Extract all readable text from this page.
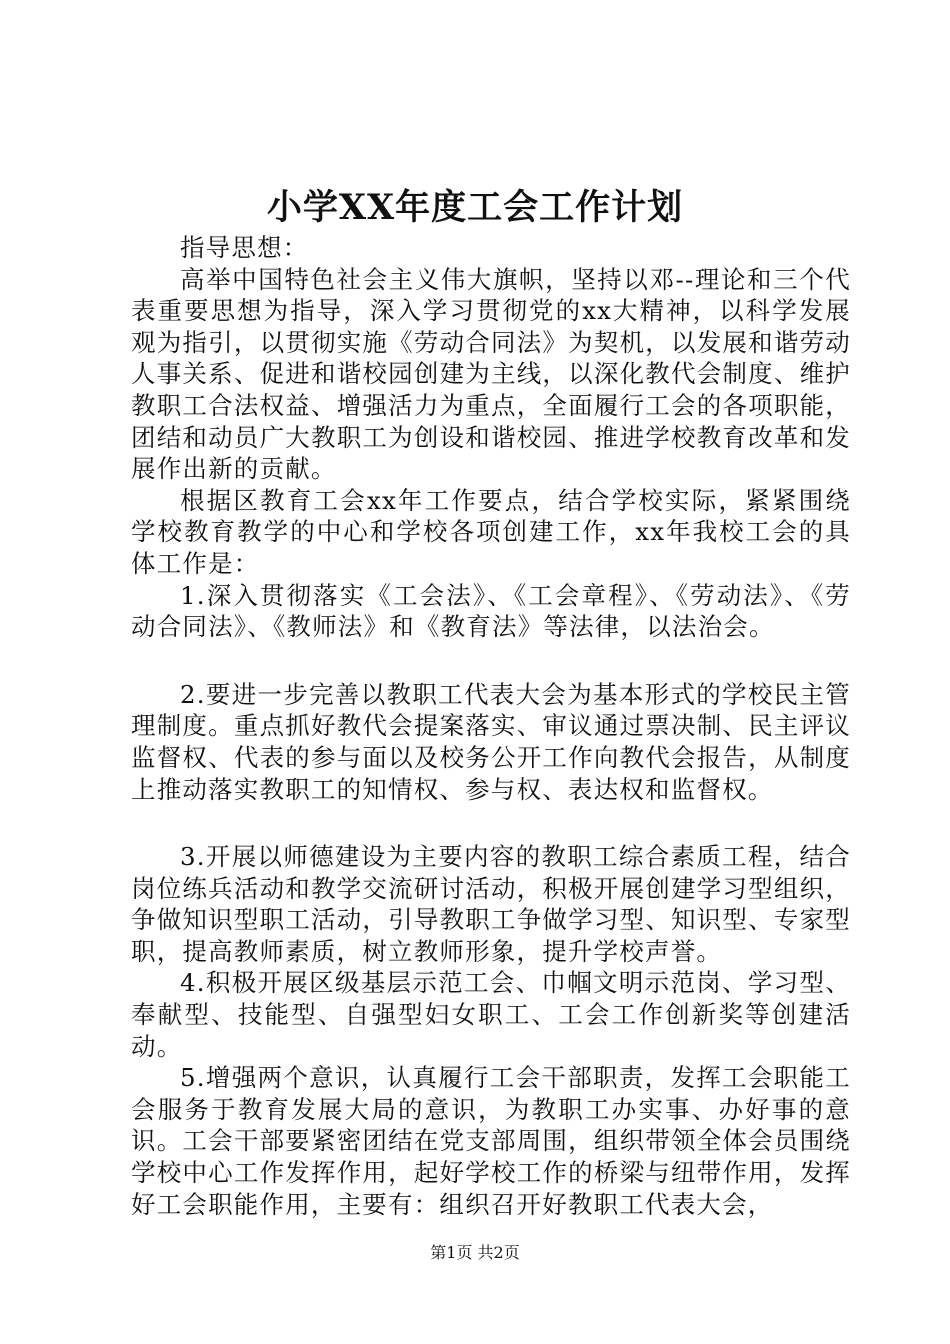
小学XX年度工会工作计划

指导思想：

高举中国特色社会主义伟大旗帜，坚持以邓--理论和三个代表重要思想为指导，深入学习贯彻党的xx大精神，以科学发展观为指引，以贯彻实施《劳动合同法》为契机，以发展和谐劳动人事关系、促进和谐校园创建为主线，以深化教代会制度、维护教职工合法权益、增强活力为重点，全面履行工会的各项职能，团结和动员广大教职工为创设和谐校园、推进学校教育改革和发展作出新的贡献。

根据区教育工会xx年工作要点，结合学校实际，紧紧围绕学校教育教学的中心和学校各项创建工作，xx年我校工会的具体工作是：

1.深入贯彻落实《工会法》、《工会章程》、《劳动法》、《劳动合同法》、《教师法》和《教育法》等法律，以法治会。

2.要进一步完善以教职工代表大会为基本形式的学校民主管理制度。重点抓好教代会提案落实、审议通过票决制、民主评议监督权、代表的参与面以及校务公开工作向教代会报告，从制度上推动落实教职工的知情权、参与权、表达权和监督权。

3.开展以师德建设为主要内容的教职工综合素质工程，结合岗位练兵活动和教学交流研讨活动，积极开展创建学习型组织，争做知识型职工活动，引导教职工争做学习型、知识型、专家型职，提高教师素质，树立教师形象，提升学校声誉。

4.积极开展区级基层示范工会、巾帼文明示范岗、学习型、奉献型、技能型、自强型妇女职工、工会工作创新奖等创建活动。

5.增强两个意识，认真履行工会干部职责，发挥工会职能工会服务于教育发展大局的意识，为教职工办实事、办好事的意识。工会干部要紧密团结在党支部周围，组织带领全体会员围绕学校中心工作发挥作用，起好学校工作的桥梁与纽带作用，发挥好工会职能作用，主要有：组织召开好教职工代表大会，

第1页 共2页
